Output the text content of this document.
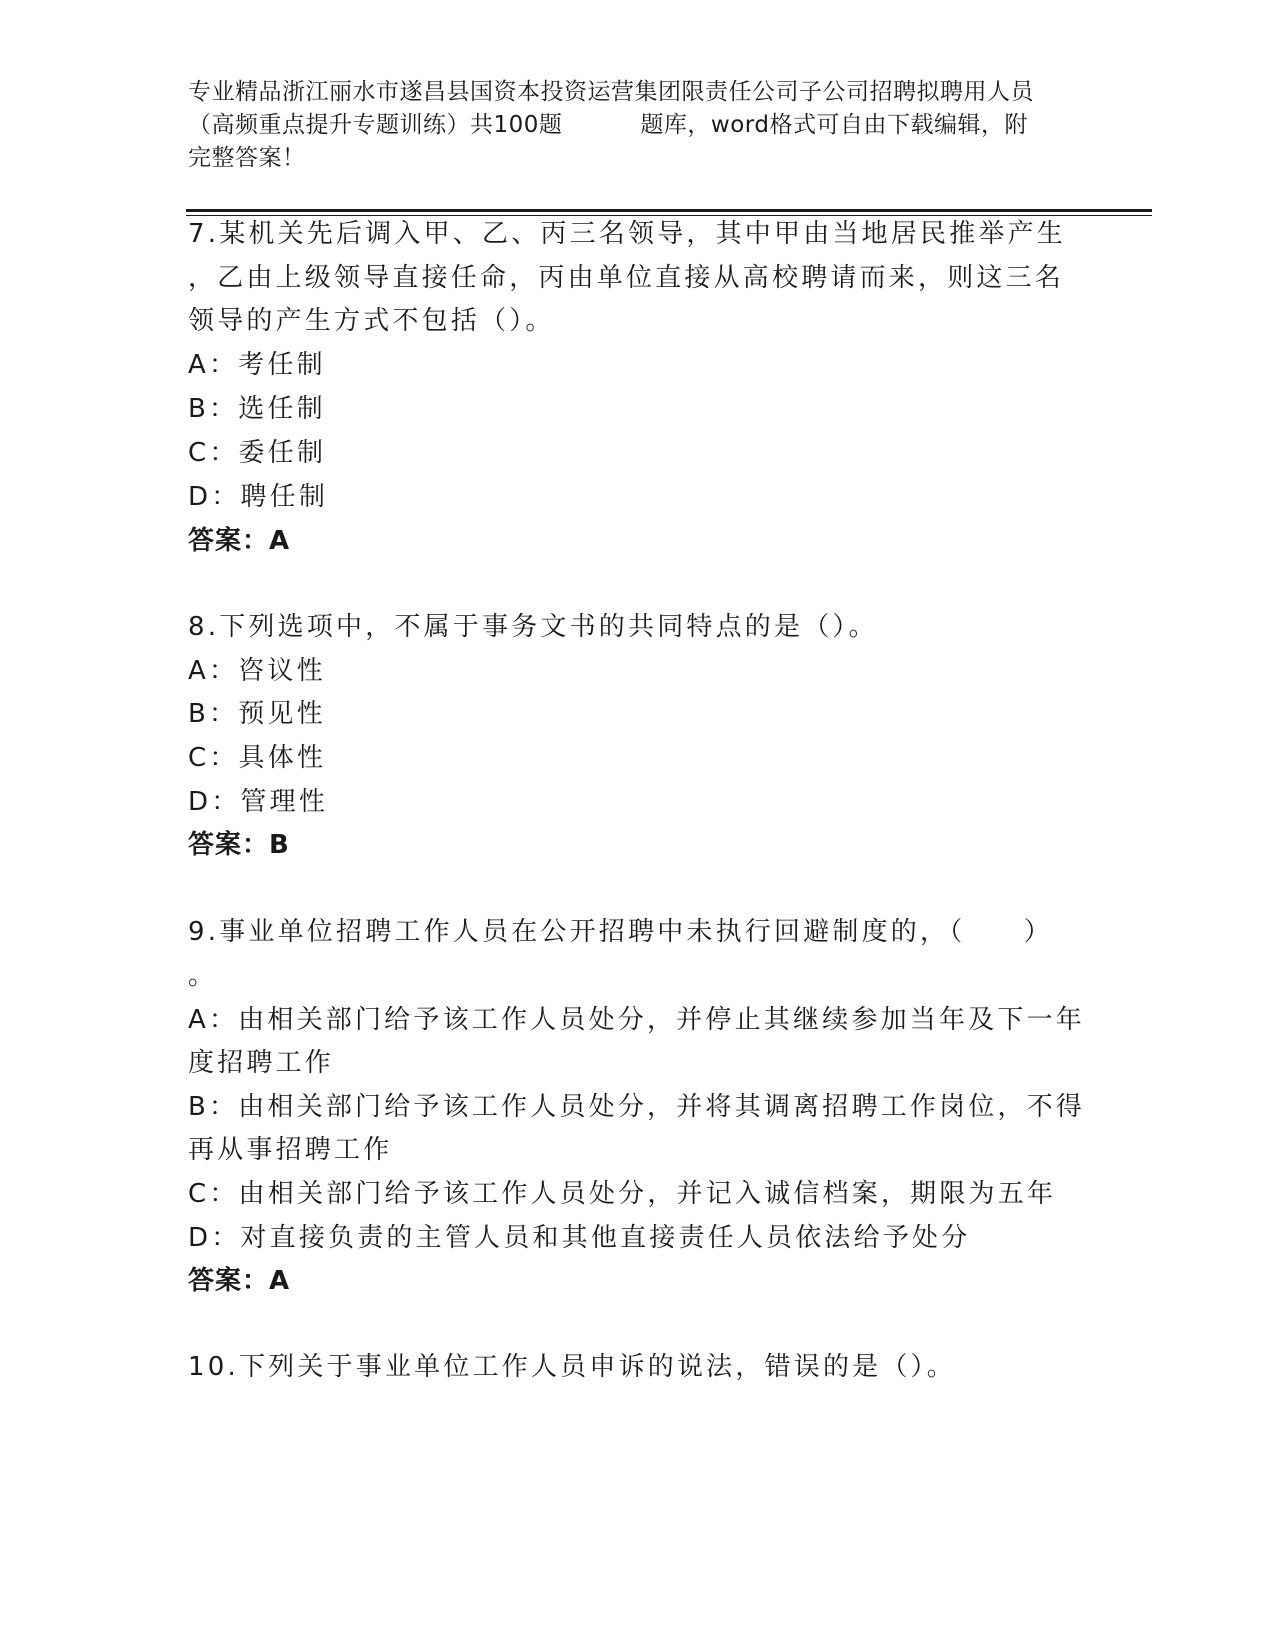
专业精品浙江丽水市遂昌县国资本投资运营集团限责任公司子公司招聘拟聘用人员
（高频重点提升专题训练）共100题	题库，word格式可自由下载编辑，附
完整答案！
7.某机关先后调入甲、乙、丙三名领导，其中甲由当地居民推举产生
，乙由上级领导直接任命，丙由单位直接从高校聘请而来，则这三名
领导的产生方式不包括（）。
A：考任制
B：选任制
C：委任制
D：聘任制
答案：A
8.下列选项中，不属于事务文书的共同特点的是（）。
A：咨议性
B：预见性
C：具体性
D：管理性
答案：B
9.事业单位招聘工作人员在公开招聘中未执行回避制度的，（　　）
。
A：由相关部门给予该工作人员处分，并停止其继续参加当年及下一年
度招聘工作
B：由相关部门给予该工作人员处分，并将其调离招聘工作岗位，不得
再从事招聘工作
C：由相关部门给予该工作人员处分，并记入诚信档案，期限为五年
D：对直接负责的主管人员和其他直接责任人员依法给予处分
答案：A
10.下列关于事业单位工作人员申诉的说法，错误的是（）。
